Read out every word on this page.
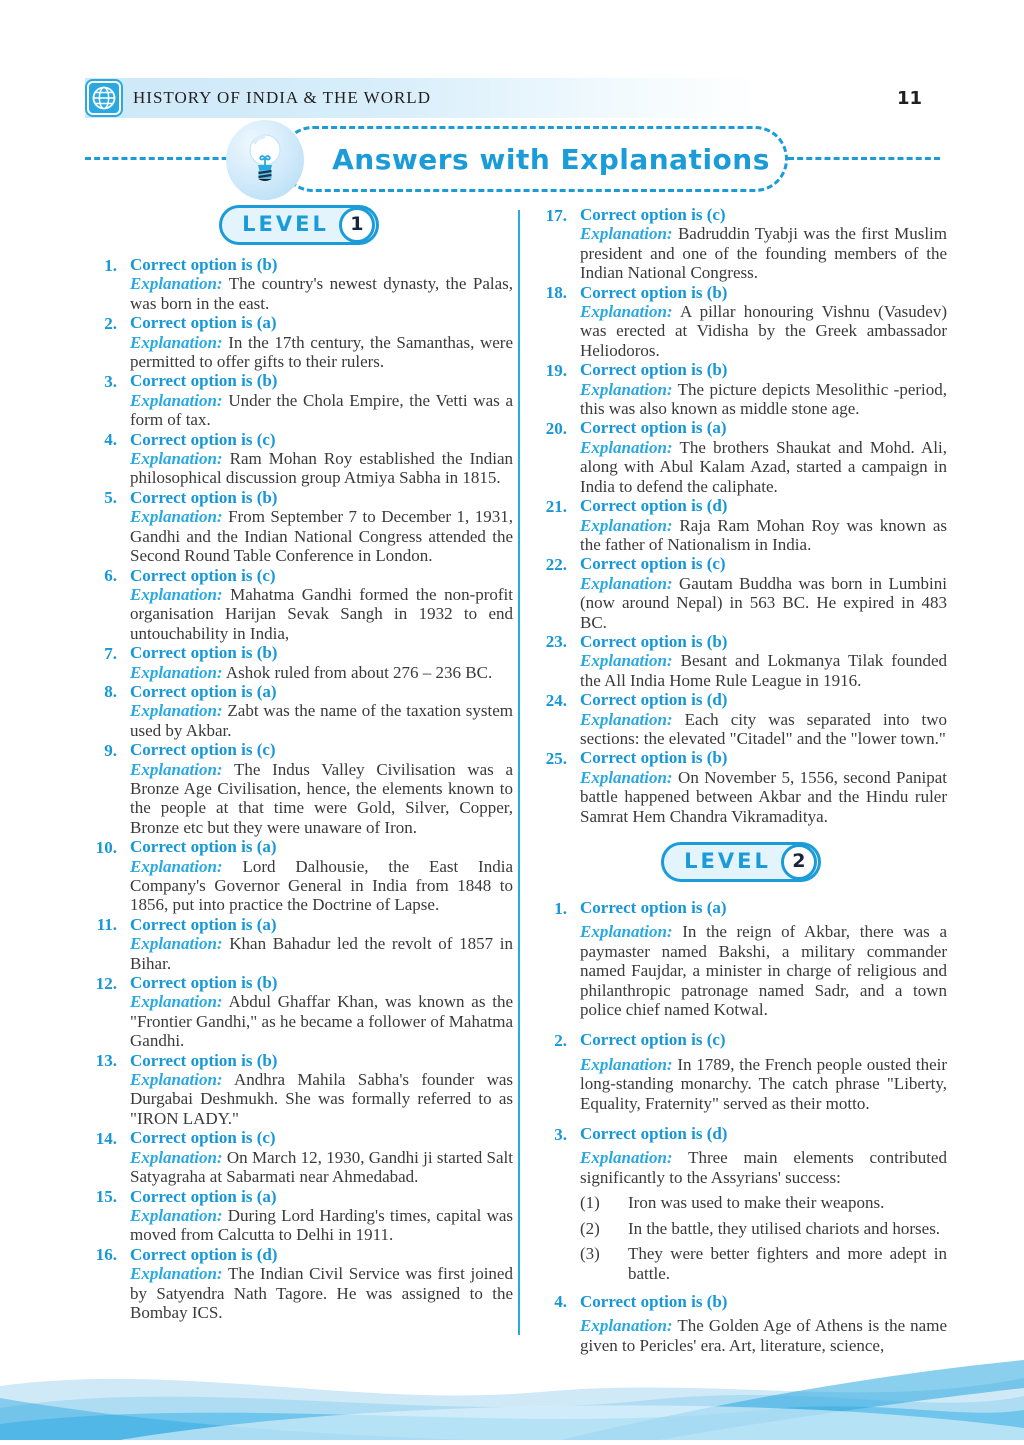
HISTORY OF INDIA & THE WORLD	11
Answers with Explanations
LEVEL 1
1. Correct option is (b)
Explanation: The country's newest dynasty, the Palas, was born in the east.
2. Correct option is (a)
Explanation: In the 17th century, the Samanthas, were permitted to offer gifts to their rulers.
3. Correct option is (b)
Explanation: Under the Chola Empire, the Vetti was a form of tax.
4. Correct option is (c)
Explanation: Ram Mohan Roy established the Indian philosophical discussion group Atmiya Sabha in 1815.
5. Correct option is (b)
Explanation: From September 7 to December 1, 1931, Gandhi and the Indian National Congress attended the Second Round Table Conference in London.
6. Correct option is (c)
Explanation: Mahatma Gandhi formed the non-profit organisation Harijan Sevak Sangh in 1932 to end untouchability in India,
7. Correct option is (b)
Explanation: Ashok ruled from about 276 – 236 BC.
8. Correct option is (a)
Explanation: Zabt was the name of the taxation system used by Akbar.
9. Correct option is (c)
Explanation: The Indus Valley Civilisation was a Bronze Age Civilisation, hence, the elements known to the people at that time were Gold, Silver, Copper, Bronze etc but they were unaware of Iron.
10. Correct option is (a)
Explanation: Lord Dalhousie, the East India Company's Governor General in India from 1848 to 1856, put into practice the Doctrine of Lapse.
11. Correct option is (a)
Explanation: Khan Bahadur led the revolt of 1857 in Bihar.
12. Correct option is (b)
Explanation: Abdul Ghaffar Khan, was known as the "Frontier Gandhi," as he became a follower of Mahatma Gandhi.
13. Correct option is (b)
Explanation: Andhra Mahila Sabha's founder was Durgabai Deshmukh. She was formally referred to as "IRON LADY."
14. Correct option is (c)
Explanation: On March 12, 1930, Gandhi ji started Salt Satyagraha at Sabarmati near Ahmedabad.
15. Correct option is (a)
Explanation: During Lord Harding's times, capital was moved from Calcutta to Delhi in 1911.
16. Correct option is (d)
Explanation: The Indian Civil Service was first joined by Satyendra Nath Tagore. He was assigned to the Bombay ICS.
17. Correct option is (c)
Explanation: Badruddin Tyabji was the first Muslim president and one of the founding members of the Indian National Congress.
18. Correct option is (b)
Explanation: A pillar honouring Vishnu (Vasudev) was erected at Vidisha by the Greek ambassador Heliodoros.
19. Correct option is (b)
Explanation: The picture depicts Mesolithic -period, this was also known as middle stone age.
20. Correct option is (a)
Explanation: The brothers Shaukat and Mohd. Ali, along with Abul Kalam Azad, started a campaign in India to defend the caliphate.
21. Correct option is (d)
Explanation: Raja Ram Mohan Roy was known as the father of Nationalism in India.
22. Correct option is (c)
Explanation: Gautam Buddha was born in Lumbini (now around Nepal) in 563 BC. He expired in 483 BC.
23. Correct option is (b)
Explanation: Besant and Lokmanya Tilak founded the All India Home Rule League in 1916.
24. Correct option is (d)
Explanation: Each city was separated into two sections: the elevated "Citadel" and the "lower town."
25. Correct option is (b)
Explanation: On November 5, 1556, second Panipat battle happened between Akbar and the Hindu ruler Samrat Hem Chandra Vikramaditya.
LEVEL 2
1. Correct option is (a)
Explanation: In the reign of Akbar, there was a paymaster named Bakshi, a military commander named Faujdar, a minister in charge of religious and philanthropic patronage named Sadr, and a town police chief named Kotwal.
2. Correct option is (c)
Explanation: In 1789, the French people ousted their long-standing monarchy. The catch phrase "Liberty, Equality, Fraternity" served as their motto.
3. Correct option is (d)
Explanation: Three main elements contributed significantly to the Assyrians' success:
(1)	Iron was used to make their weapons.
(2)	In the battle, they utilised chariots and horses.
(3)	They were better fighters and more adept in battle.
4. Correct option is (b)
Explanation: The Golden Age of Athens is the name given to Pericles' era. Art, literature, science,
